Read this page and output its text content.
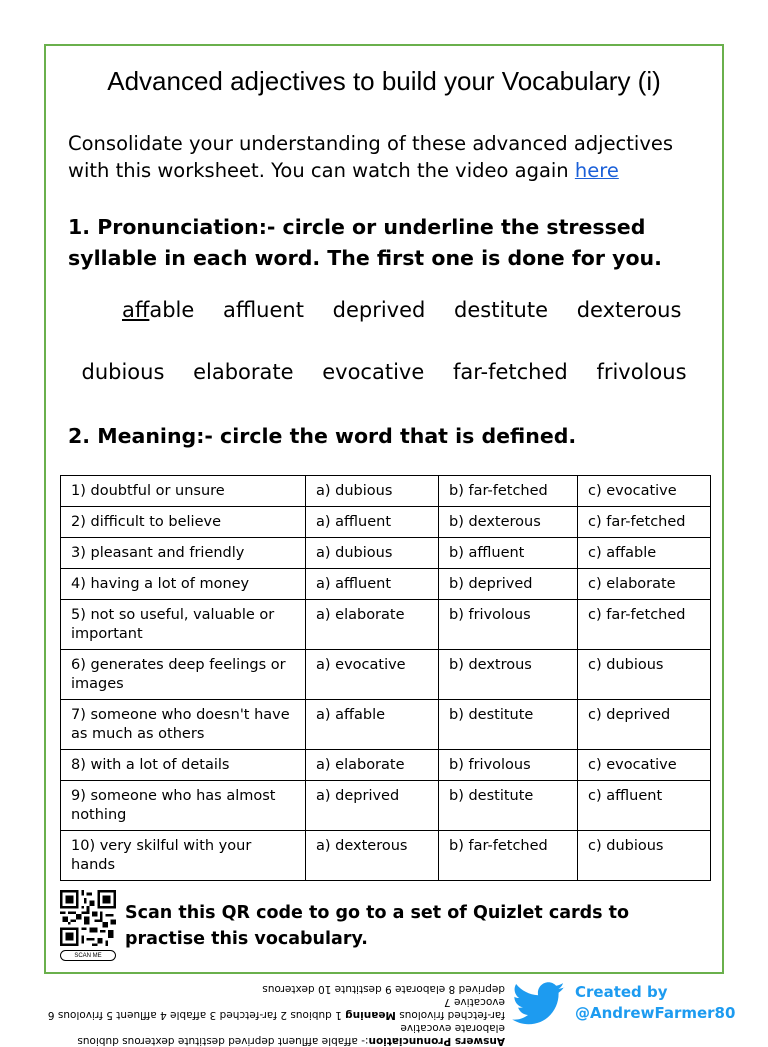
Advanced adjectives to build your Vocabulary (i)
Consolidate your understanding of these advanced adjectives with this worksheet. You can watch the video again here
1. Pronunciation:- circle or underline the stressed syllable in each word. The first one is done for you.
affable affluent deprived destitute dexterous
dubious elaborate evocative far-fetched frivolous
2. Meaning:- circle the word that is defined.
1) doubtful or unsure	a) dubious	b) far-fetched	c) evocative
2) difficult to believe	a) affluent	b) dexterous	c) far-fetched
3) pleasant and friendly	a) dubious	b) affluent	c) affable
4) having a lot of money	a) affluent	b) deprived	c) elaborate
5) not so useful, valuable or important	a) elaborate	b) frivolous	c) far-fetched
6) generates deep feelings or images	a) evocative	b) dextrous	c) dubious
7) someone who doesn't have as much as others	a) affable	b) destitute	c) deprived
8) with a lot of details	a) elaborate	b) frivolous	c) evocative
9) someone who has almost nothing	a) deprived	b) destitute	c) affluent
10) very skilful with your hands	a) dexterous	b) far-fetched	c) dubious
SCAN ME
Scan this QR code to go to a set of Quizlet cards to practise this vocabulary.
Answers Pronunciation:- affable affluent deprived destitute dexterous dubious elaborate evocative
far-fetched frivolous Meaning 1 dubious 2 far-fetched 3 affable 4 affluent 5 frivolous 6 evocative 7
deprived 8 elaborate 9 destitute 10 dexterous	Created by
@AndrewFarmer80
